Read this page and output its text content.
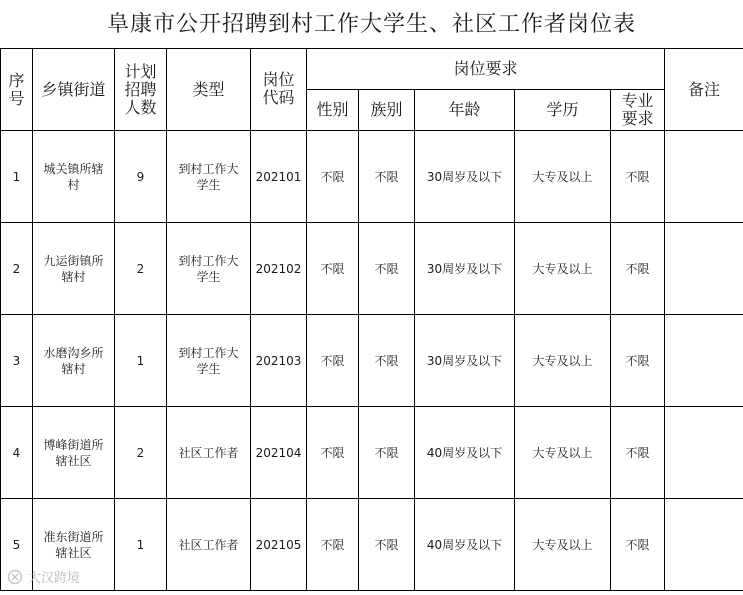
阜康市公开招聘到村工作大学生、社区工作者岗位表
序号	乡镇街道	计划招聘人数	类型	岗位代码	岗位要求					备注
					性别	族别	年龄	学历	专业要求	
1	城关镇所辖村	9	到村工作大学生	202101	不限	不限	30周岁及以下	大专及以上	不限	
2	九运街镇所辖村	2	到村工作大学生	202102	不限	不限	30周岁及以下	大专及以上	不限	
3	水磨沟乡所辖村	1	到村工作大学生	202103	不限	不限	30周岁及以下	大专及以上	不限	
4	博峰街道所辖社区	2	社区工作者	202104	不限	不限	40周岁及以下	大专及以上	不限	
5	准东街道所辖社区	1	社区工作者	202105	不限	不限	40周岁及以下	大专及以上	不限	
大汉跨境
